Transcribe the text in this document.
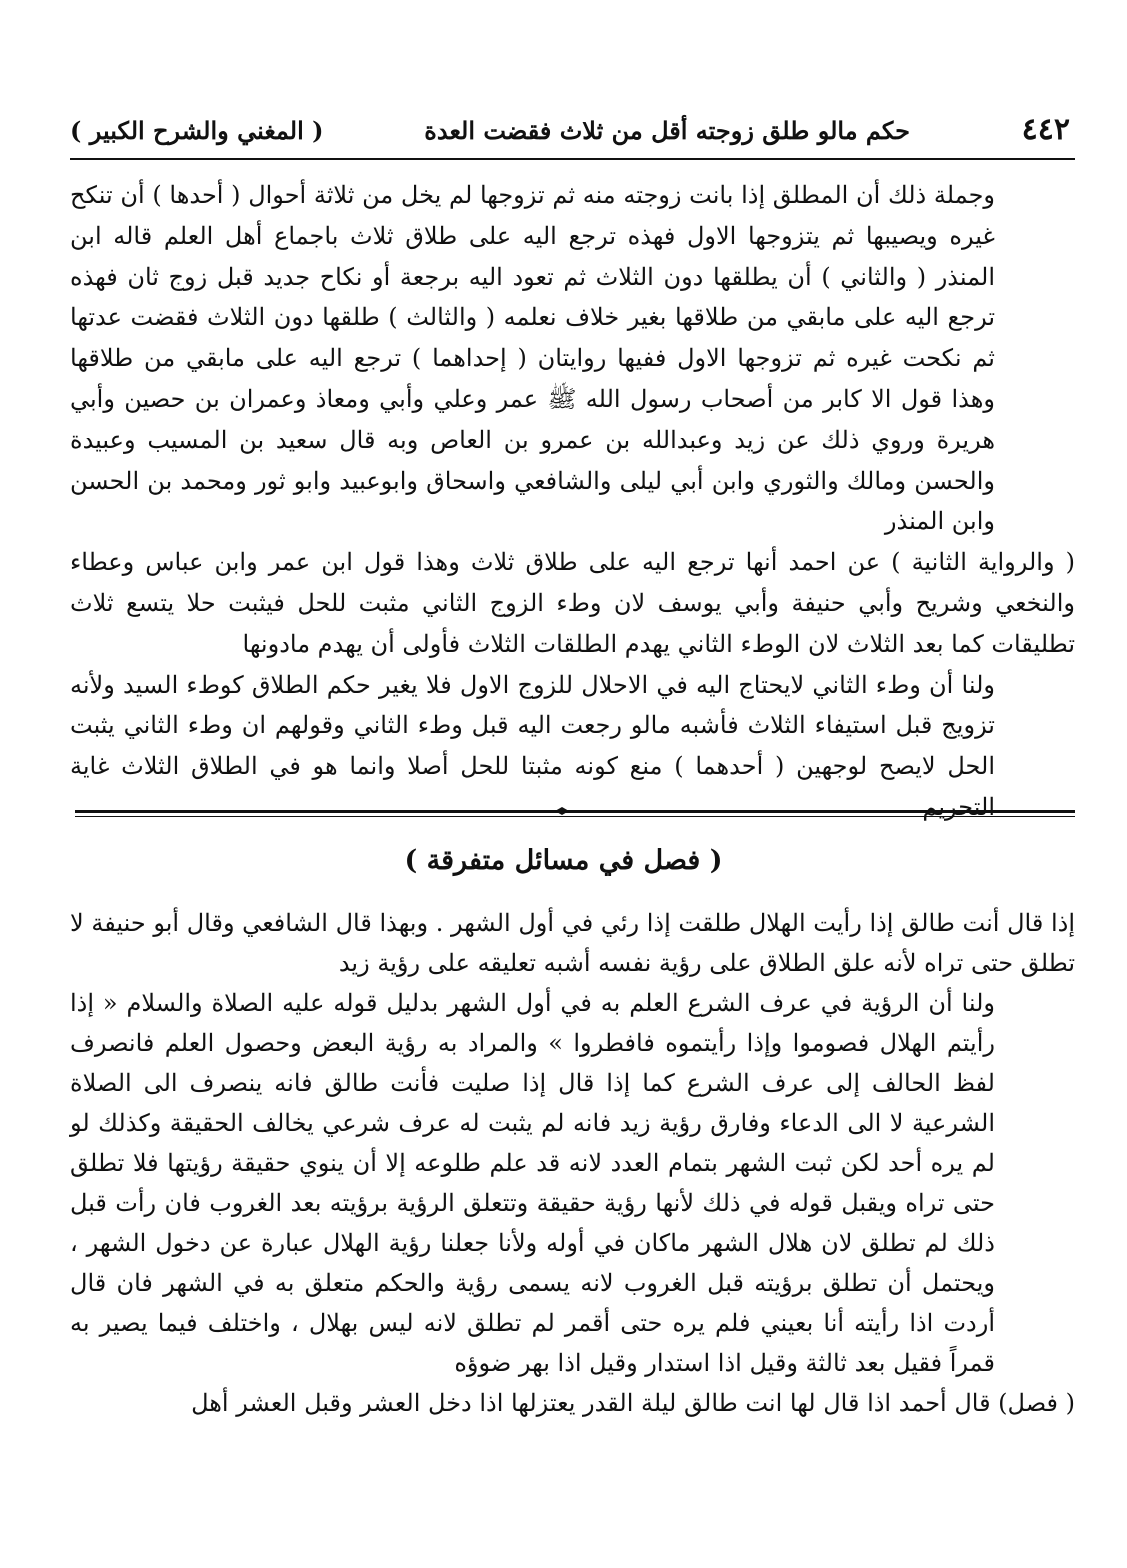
٤٤٢
حكم مالو طلق زوجته أقل من ثلاث فقضت العدة
( المغني والشرح الكبير )

وجملة ذلك أن المطلق إذا بانت زوجته منه ثم تزوجها لم يخل من ثلاثة أحوال ( أحدها ) أن تنكح غيره ويصيبها ثم يتزوجها الاول فهذه ترجع اليه على طلاق ثلاث باجماع أهل العلم قاله ابن المنذر ( والثاني ) أن يطلقها دون الثلاث ثم تعود اليه برجعة أو نكاح جديد قبل زوج ثان فهذه ترجع اليه على مابقي من طلاقها بغير خلاف نعلمه ( والثالث ) طلقها دون الثلاث فقضت عدتها ثم نكحت غيره ثم تزوجها الاول ففيها روايتان ( إحداهما ) ترجع اليه على مابقي من طلاقها وهذا قول الا كابر من أصحاب رسول الله ﷺ عمر وعلي وأبي ومعاذ وعمران بن حصين وأبي هريرة وروي ذلك عن زيد وعبدالله بن عمرو بن العاص وبه قال سعيد بن المسيب وعبيدة والحسن ومالك والثوري وابن أبي ليلى والشافعي واسحاق وابوعبيد وابو ثور ومحمد بن الحسن وابن المنذر

( والرواية الثانية ) عن احمد أنها ترجع اليه على طلاق ثلاث وهذا قول ابن عمر وابن عباس وعطاء والنخعي وشريح وأبي حنيفة وأبي يوسف لان وطء الزوج الثاني مثبت للحل فيثبت حلا يتسع ثلاث تطليقات كما بعد الثلاث لان الوطء الثاني يهدم الطلقات الثلاث فأولى أن يهدم مادونها

ولنا أن وطء الثاني لايحتاج اليه في الاحلال للزوج الاول فلا يغير حكم الطلاق كوطء السيد ولأنه تزويج قبل استيفاء الثلاث فأشبه مالو رجعت اليه قبل وطء الثاني وقولهم ان وطء الثاني يثبت الحل لايصح لوجهين ( أحدهما ) منع كونه مثبتا للحل أصلا وانما هو في الطلاق الثلاث غاية التحريم

( فصل في مسائل متفرقة )

إذا قال أنت طالق إذا رأيت الهلال طلقت إذا رئي في أول الشهر . وبهذا قال الشافعي وقال أبو حنيفة لا تطلق حتى تراه لأنه علق الطلاق على رؤية نفسه أشبه تعليقه على رؤية زيد

ولنا أن الرؤية في عرف الشرع العلم به في أول الشهر بدليل قوله عليه الصلاة والسلام « إذا رأيتم الهلال فصوموا وإذا رأيتموه فافطروا » والمراد به رؤية البعض وحصول العلم فانصرف لفظ الحالف إلى عرف الشرع كما إذا قال إذا صليت فأنت طالق فانه ينصرف الى الصلاة الشرعية لا الى الدعاء وفارق رؤية زيد فانه لم يثبت له عرف شرعي يخالف الحقيقة وكذلك لو لم يره أحد لكن ثبت الشهر بتمام العدد لانه قد علم طلوعه إلا أن ينوي حقيقة رؤيتها فلا تطلق حتى تراه ويقبل قوله في ذلك لأنها رؤية حقيقة وتتعلق الرؤية برؤيته بعد الغروب فان رأت قبل ذلك لم تطلق لان هلال الشهر ماكان في أوله ولأنا جعلنا رؤية الهلال عبارة عن دخول الشهر ، ويحتمل أن تطلق برؤيته قبل الغروب لانه يسمى رؤية والحكم متعلق به في الشهر فان قال أردت اذا رأيته أنا بعيني فلم يره حتى أقمر لم تطلق لانه ليس بهلال ، واختلف فيما يصير به قمراً فقيل بعد ثالثة وقيل اذا استدار وقيل اذا بهر ضوؤه

( فصل) قال أحمد اذا قال لها انت طالق ليلة القدر يعتزلها اذا دخل العشر وقبل العشر أهل
